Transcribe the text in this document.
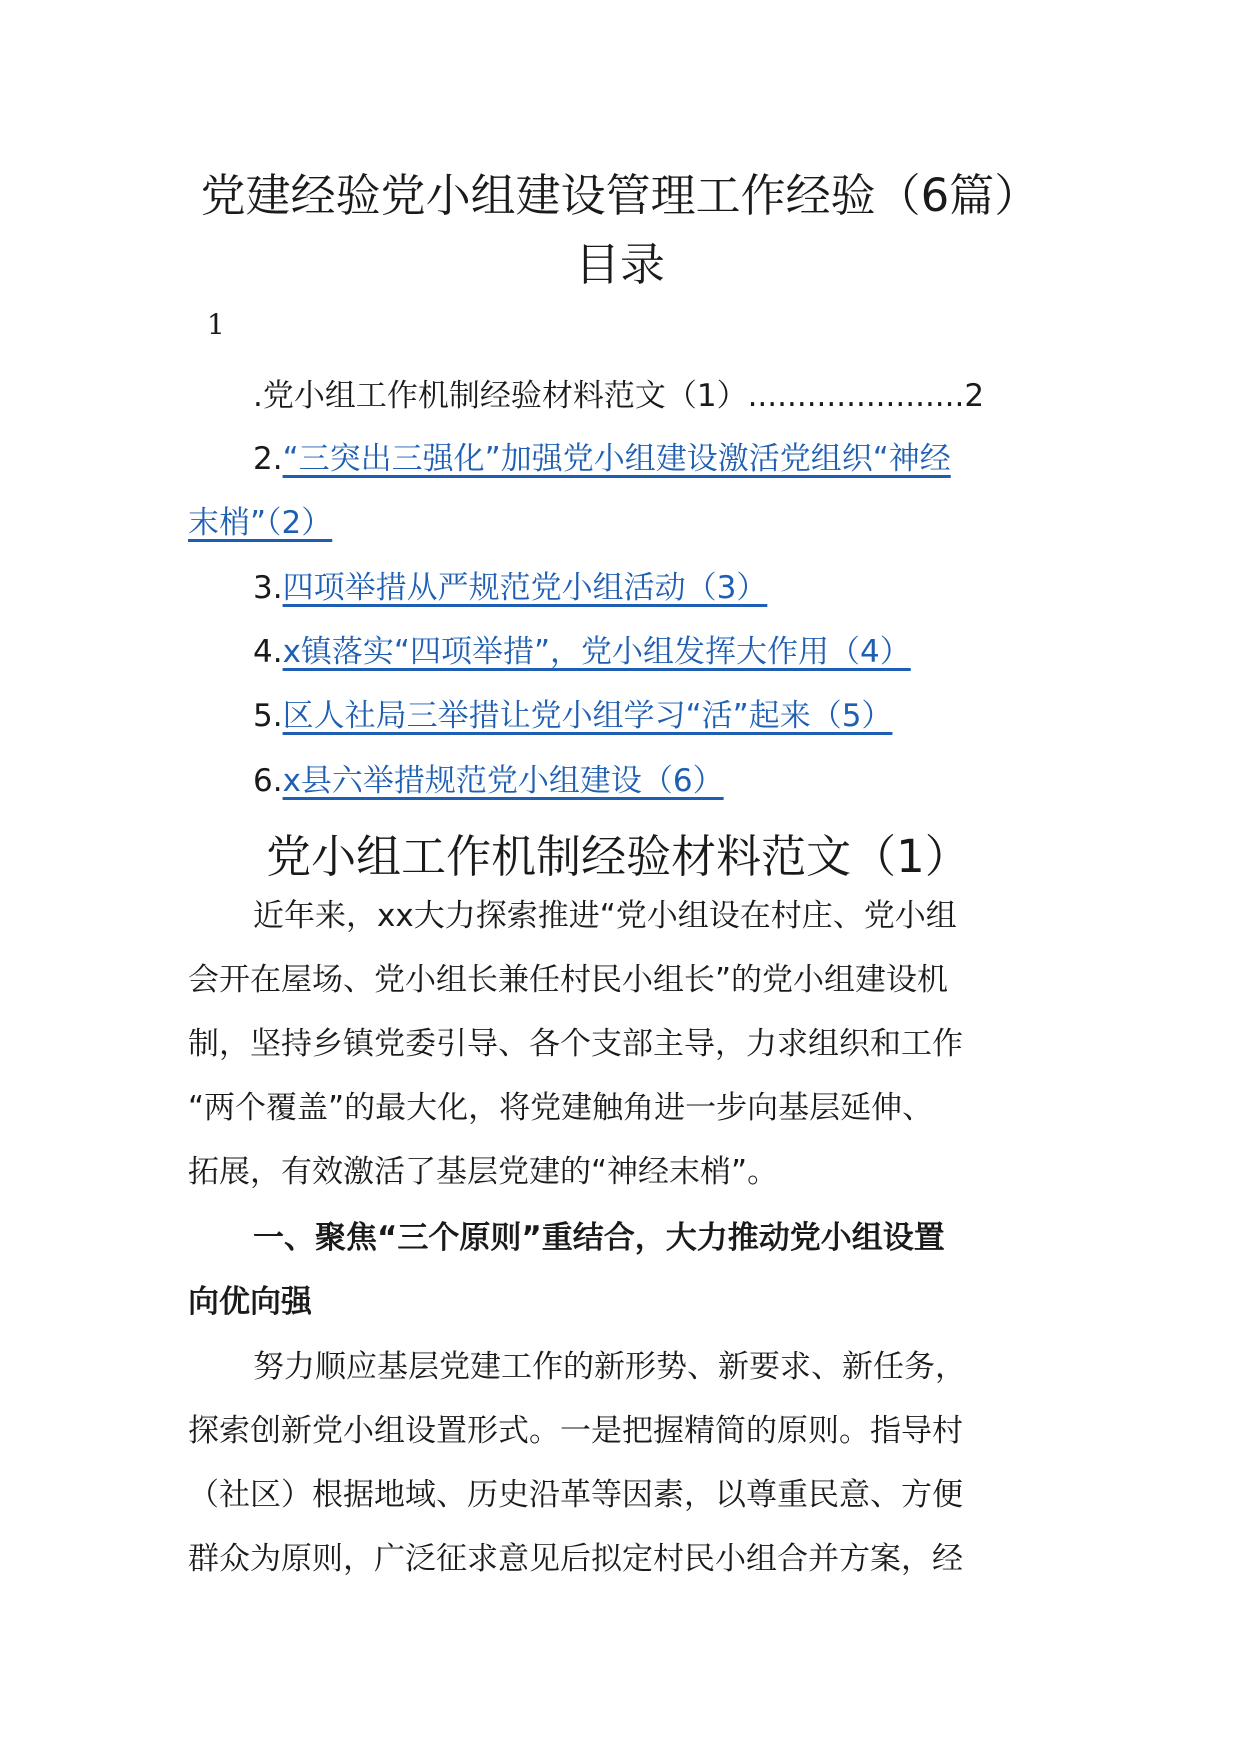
党建经验党小组建设管理工作经验（6篇）
目录
1
.党小组工作机制经验材料范文（1）......................2
2.“三突出三强化”加强党小组建设激活党组织“神经
末梢”（2）
3.四项举措从严规范党小组活动（3）
4.x镇落实“四项举措”，党小组发挥大作用（4）
5.区人社局三举措让党小组学习“活”起来（5）
6.x县六举措规范党小组建设（6）
党小组工作机制经验材料范文（1）
近年来，xx大力探索推进“党小组设在村庄、党小组
会开在屋场、党小组长兼任村民小组长”的党小组建设机
制，坚持乡镇党委引导、各个支部主导，力求组织和工作
“两个覆盖”的最大化，将党建触角进一步向基层延伸、
拓展，有效激活了基层党建的“神经末梢”。
一、聚焦“三个原则”重结合，大力推动党小组设置
向优向强
努力顺应基层党建工作的新形势、新要求、新任务，
探索创新党小组设置形式。一是把握精简的原则。指导村
（社区）根据地域、历史沿革等因素，以尊重民意、方便
群众为原则，广泛征求意见后拟定村民小组合并方案，经
